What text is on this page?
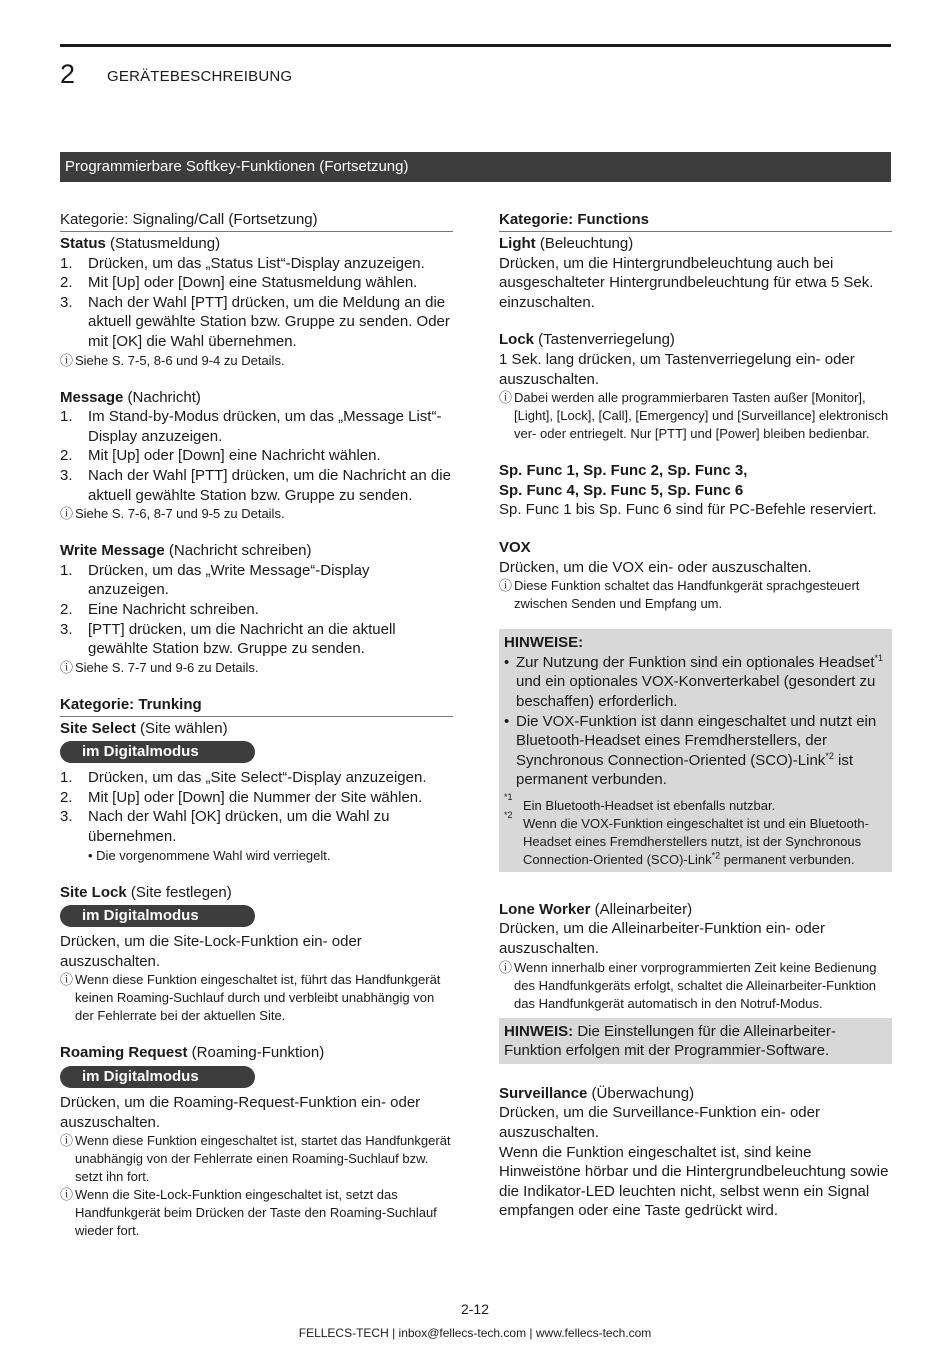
2 GERÄTEBESCHREIBUNG
Programmierbare Softkey-Funktionen (Fortsetzung)
Kategorie: Signaling/Call (Fortsetzung)
Status (Statusmeldung)
1. Drücken, um das „Status List“-Display anzuzeigen.
2. Mit [Up] oder [Down] eine Statusmeldung wählen.
3. Nach der Wahl [PTT] drücken, um die Meldung an die aktuell gewählte Station bzw. Gruppe zu senden. Oder mit [OK] die Wahl übernehmen.
ⓘ Siehe S. 7-5, 8-6 und 9-4 zu Details.
Message (Nachricht)
1. Im Stand-by-Modus drücken, um das „Message List“-Display anzuzeigen.
2. Mit [Up] oder [Down] eine Nachricht wählen.
3. Nach der Wahl [PTT] drücken, um die Nachricht an die aktuell gewählte Station bzw. Gruppe zu senden.
ⓘ Siehe S. 7-6, 8-7 und 9-5 zu Details.
Write Message (Nachricht schreiben)
1. Drücken, um das „Write Message“-Display anzuzeigen.
2. Eine Nachricht schreiben.
3. [PTT] drücken, um die Nachricht an die aktuell gewählte Station bzw. Gruppe zu senden.
ⓘ Siehe S. 7-7 und 9-6 zu Details.
Kategorie: Trunking
Site Select (Site wählen)
im Digitalmodus
1. Drücken, um das „Site Select“-Display anzuzeigen.
2. Mit [Up] oder [Down] die Nummer der Site wählen.
3. Nach der Wahl [OK] drücken, um die Wahl zu übernehmen.
• Die vorgenommene Wahl wird verriegelt.
Site Lock (Site festlegen)
im Digitalmodus
Drücken, um die Site-Lock-Funktion ein- oder auszuschalten.
ⓘ Wenn diese Funktion eingeschaltet ist, führt das Handfunkgerät keinen Roaming-Suchlauf durch und verbleibt unabhängig von der Fehlerrate bei der aktuellen Site.
Roaming Request (Roaming-Funktion)
im Digitalmodus
Drücken, um die Roaming-Request-Funktion ein- oder auszuschalten.
ⓘ Wenn diese Funktion eingeschaltet ist, startet das Handfunkgerät unabhängig von der Fehlerrate einen Roaming-Suchlauf bzw. setzt ihn fort.
ⓘ Wenn die Site-Lock-Funktion eingeschaltet ist, setzt das Handfunkgerät beim Drücken der Taste den Roaming-Suchlauf wieder fort.
Kategorie: Functions
Light (Beleuchtung)
Drücken, um die Hintergrundbeleuchtung auch bei ausgeschalteter Hintergrundbeleuchtung für etwa 5 Sek. einzuschalten.
Lock (Tastenverriegelung)
1 Sek. lang drücken, um Tastenverriegelung ein- oder auszuschalten.
ⓘ Dabei werden alle programmierbaren Tasten außer [Monitor], [Light], [Lock], [Call], [Emergency] und [Surveillance] elektronisch ver- oder entriegelt. Nur [PTT] und [Power] bleiben bedienbar.
Sp. Func 1, Sp. Func 2, Sp. Func 3,
Sp. Func 4, Sp. Func 5, Sp. Func 6
Sp. Func 1 bis Sp. Func 6 sind für PC-Befehle reserviert.
VOX
Drücken, um die VOX ein- oder auszuschalten.
ⓘ Diese Funktion schaltet das Handfunkgerät sprachgesteuert zwischen Senden und Empfang um.
HINWEISE:
• Zur Nutzung der Funktion sind ein optionales Headset$^{*1}$ und ein optionales VOX-Konverterkabel (gesondert zu beschaffen) erforderlich.
• Die VOX-Funktion ist dann eingeschaltet und nutzt ein Bluetooth-Headset eines Fremdherstellers, der Synchronous Connection-Oriented (SCO)-Link$^{*2}$ ist permanent verbunden.
*1
Ein Bluetooth-Headset ist ebenfalls nutzbar.
*2
Wenn die VOX-Funktion eingeschaltet ist und ein Bluetooth-Headset eines Fremdherstellers nutzt, ist der Synchronous Connection-Oriented (SCO)-Link$^{*2}$ permanent verbunden.
Lone Worker (Alleinarbeiter)
Drücken, um die Alleinarbeiter-Funktion ein- oder auszuschalten.
ⓘ Wenn innerhalb einer vorprogrammierten Zeit keine Bedienung des Handfunkgeräts erfolgt, schaltet die Alleinarbeiter-Funktion das Handfunkgerät automatisch in den Notruf-Modus.
HINWEIS: Die Einstellungen für die Alleinarbeiter-Funktion erfolgen mit der Programmier-Software.
Surveillance (Überwachung)
Drücken, um die Surveillance-Funktion ein- oder auszuschalten.
Wenn die Funktion eingeschaltet ist, sind keine Hinweistöne hörbar und die Hintergrundbeleuchtung sowie die Indikator-LED leuchten nicht, selbst wenn ein Signal empfangen oder eine Taste gedrückt wird.
2-12
FELLECS-TECH | inbox@fellecs-tech.com | www.fellecs-tech.com
